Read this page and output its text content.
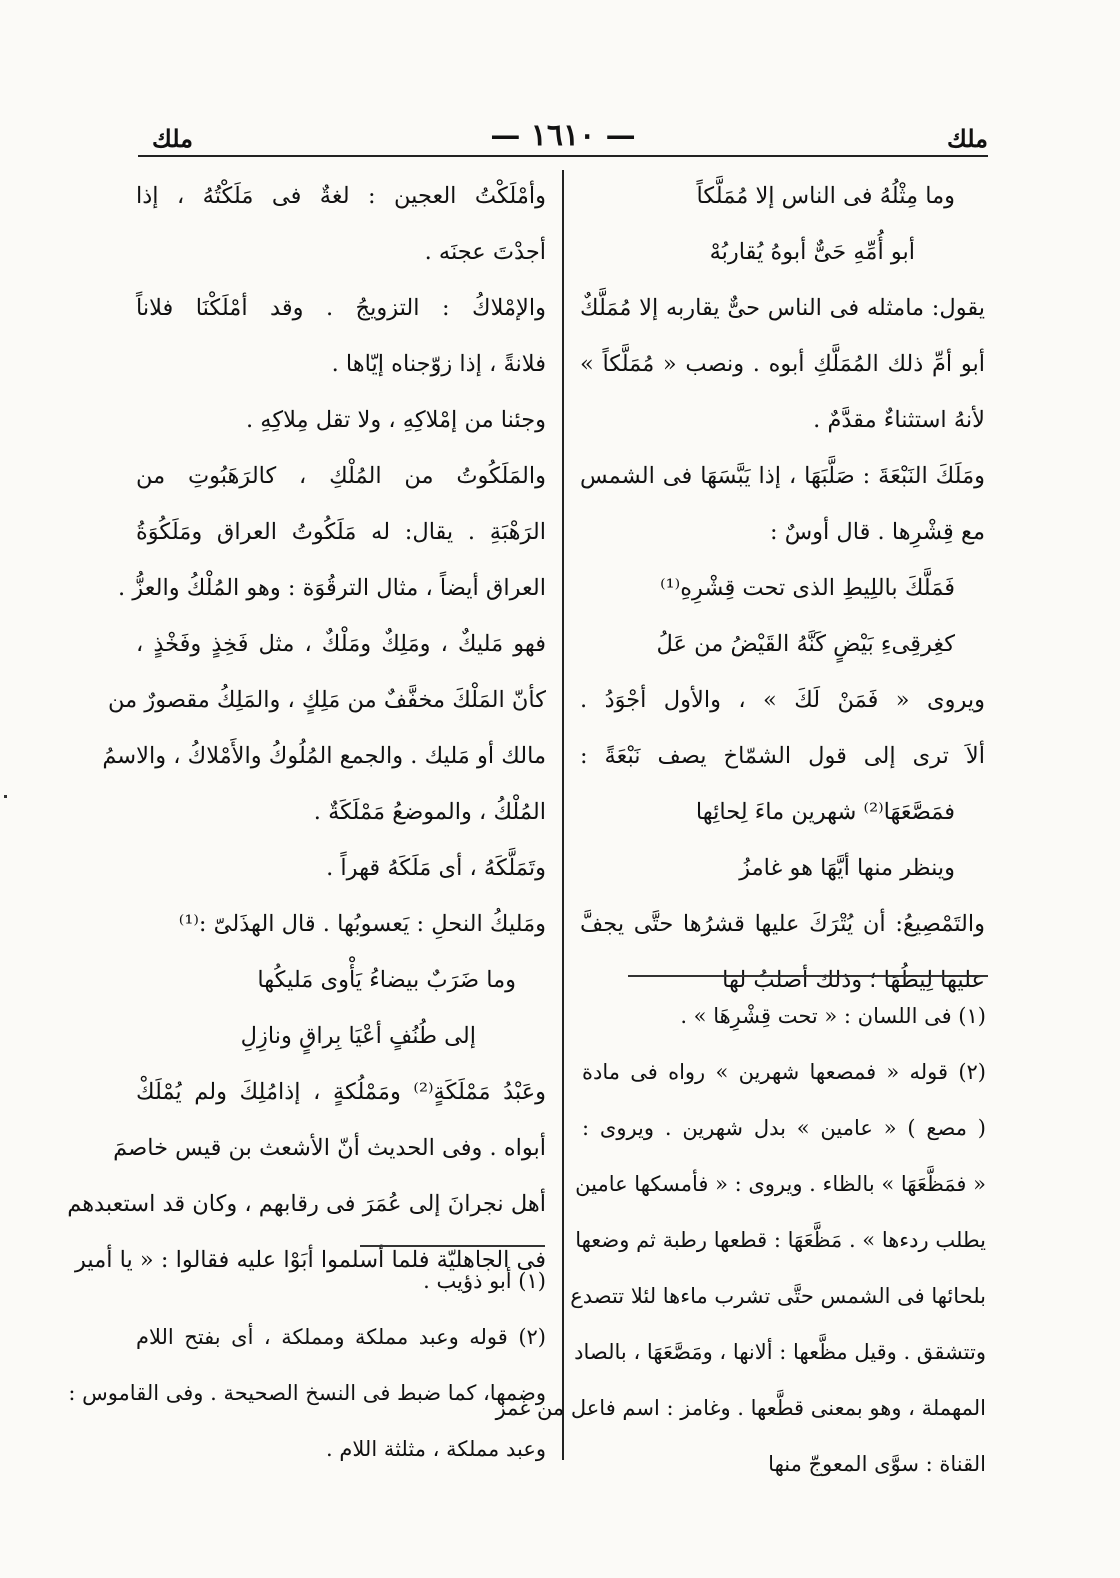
ملك
— ١٦١٠ —
ملك
وما مِثْلُهُ فى الناس إلا مُمَلَّكاً
أبو أُمِّهِ حَىٌّ أبوهُ يُقاربُهْ
يقول: مامثله فى الناس حىٌّ يقاربه إلا مُمَلَّكٌ
أبو أمِّ ذلك المُمَلَّكِ أبوه . ونصب « مُمَلَّكاً »
لأنهُ استثناءٌ مقدَّمٌ .
ومَلَكَ النَبْعَةَ : صَلَّبَهَا ، إذا يَبَّسَهَا فى الشمس
مع قِشْرِها . قال أوسٌ :
فَمَلَّكَ باللِيطِ الذى تحت قِشْرِهِ⁽¹⁾
كغِرقِىءِ بَيْضٍ كَنَّهُ القَيْضُ من عَلُ
ويروى « فَمَنْ لَكَ » ، والأول أجْوَدُ .
ألاَ ترى إلى قول الشمّاخ يصف نَبْعَةً :
فمَصَّعَهَا⁽²⁾ شهرين ماءَ لِحائِها
وينظر منها أيَّهَا هو غامزُ
والتَمْصِيعُ: أن يُتْرَكَ عليها قشرُها حتَّى يجفَّ
عليها لِيطُهَا ؛ وذلك أصلبُ لها
(١) فى اللسان : « تحت قِشْرِهَا » .
(٢) قوله « فمصعها شهرين » رواه فى مادة
( مصع ) « عامين » بدل شهرين . ويروى :
« فمَظَّعَهَا » بالظاء . ويروى : « فأمسكها عامين
يطلب ردءها » . مَظَّعَهَا : قطعها رطبة ثم وضعها
بلحائها فى الشمس حتَّى تشرب ماءها لئلا تتصدع
وتتشقق . وقيل مظَّعها : ألانها ، ومَصَّعَهَا ، بالصاد
المهملة ، وهو بمعنى قطَّعها . وغامز : اسم فاعل من غمز
القناة : سوَّى المعوجّ منها
وأمْلَكْتُ العجين : لغةٌ فى مَلَكْتُهُ ، إذا
أجدْتَ عجنَه .
والإمْلاكُ : التزويجُ . وقد أمْلَكْنَا فلاناً
فلانةً ، إذا زوّجناه إيّاها .
وجئنا من إمْلاكِهِ ، ولا تقل مِلاكِهِ .
والمَلَكُوتُ من المُلْكِ ، كالرَهَبُوتِ من
الرَهْبَةِ . يقال: له مَلَكُوتُ العراق ومَلَكُوَةُ
العراق أيضاً ، مثال الترقُوَة : وهو المُلْكُ والعزُّ .
فهو مَليكٌ ، ومَلِكٌ ومَلْكٌ ، مثل فَخِذٍ وفَخْذٍ ،
كأنّ المَلْكَ مخفَّفٌ من مَلِكٍ ، والمَلِكُ مقصورٌ من
مالك أو مَليك . والجمع المُلُوكُ والأَمْلاكُ ، والاسمُ
المُلْكُ ، والموضعُ مَمْلَكَةٌ .
وتَمَلَّكَهُ ، أى مَلَكَهُ قهراً .
ومَليكُ النحلِ : يَعسوبُها . قال الهذَلىّ :⁽¹⁾
وما ضَرَبٌ بيضاءُ يَأْوى مَليكُها
إلى طُنُفٍ أعْيَا بِراقٍ ونازِلِ
وعَبْدُ مَمْلَكَةٍ⁽²⁾ ومَمْلُكةٍ ، إذامُلِكَ ولم يُمْلَكْ
أبواه . وفى الحديث أنّ الأشعث بن قيس خاصمَ
أهل نجرانَ إلى عُمَرَ فى رقابهم ، وكان قد استعبدهم
فى الجاهليّة فلما أسلموا أبَوْا عليه فقالوا : « يا أمير
(١) أبو ذؤيب .
(٢) قوله وعبد مملكة ومملكة ، أى بفتح اللام
وضمها، كما ضبط فى النسخ الصحيحة . وفى القاموس :
وعبد مملكة ، مثلثة اللام .
